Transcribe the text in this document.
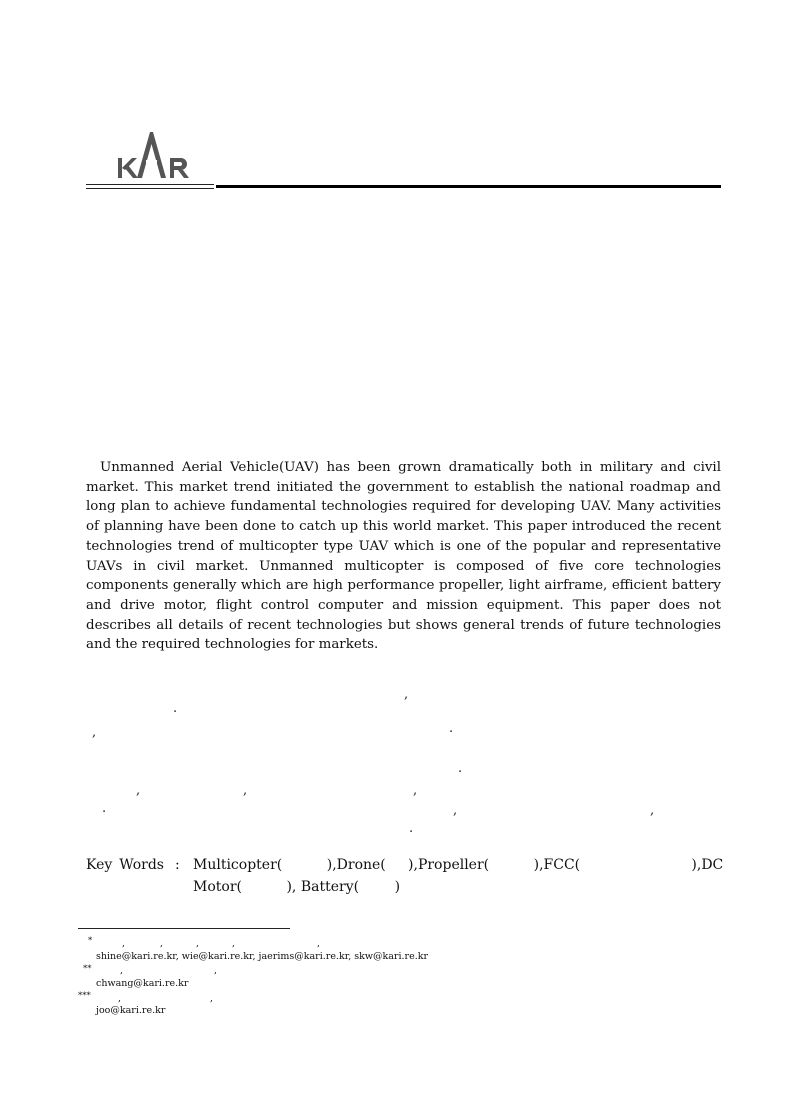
KARI

Unmanned Aerial Vehicle(UAV) has been grown dramatically both in military and civil market. This market trend initiated the government to establish the national roadmap and long plan to achieve fundamental technologies required for developing UAV. Many activities of planning have been done to catch up this world market. This paper introduced the recent technologies trend of multicopter type UAV which is one of the popular and representative UAVs in civil market. Unmanned multicopter is composed of five core technologies components generally which are high performance propeller, light airframe, efficient battery and drive motor, flight control computer and mission equipment. This paper does not describes all details of recent technologies but shows general trends of future technologies and the required technologies for markets.

,
.
,	.
.
,	,	,
.	,	,
.
Key Words : Multicopter(          ), Drone(     ), Propeller(          ), FCC(                         ), DC
Motor(          ), Battery(        )
*	,	,	,	,	,
shine@kari.re.kr, wie@kari.re.kr, jaerims@kari.re.kr, skw@kari.re.kr
**	,	,
chwang@kari.re.kr
***	,	,
joo@kari.re.kr
